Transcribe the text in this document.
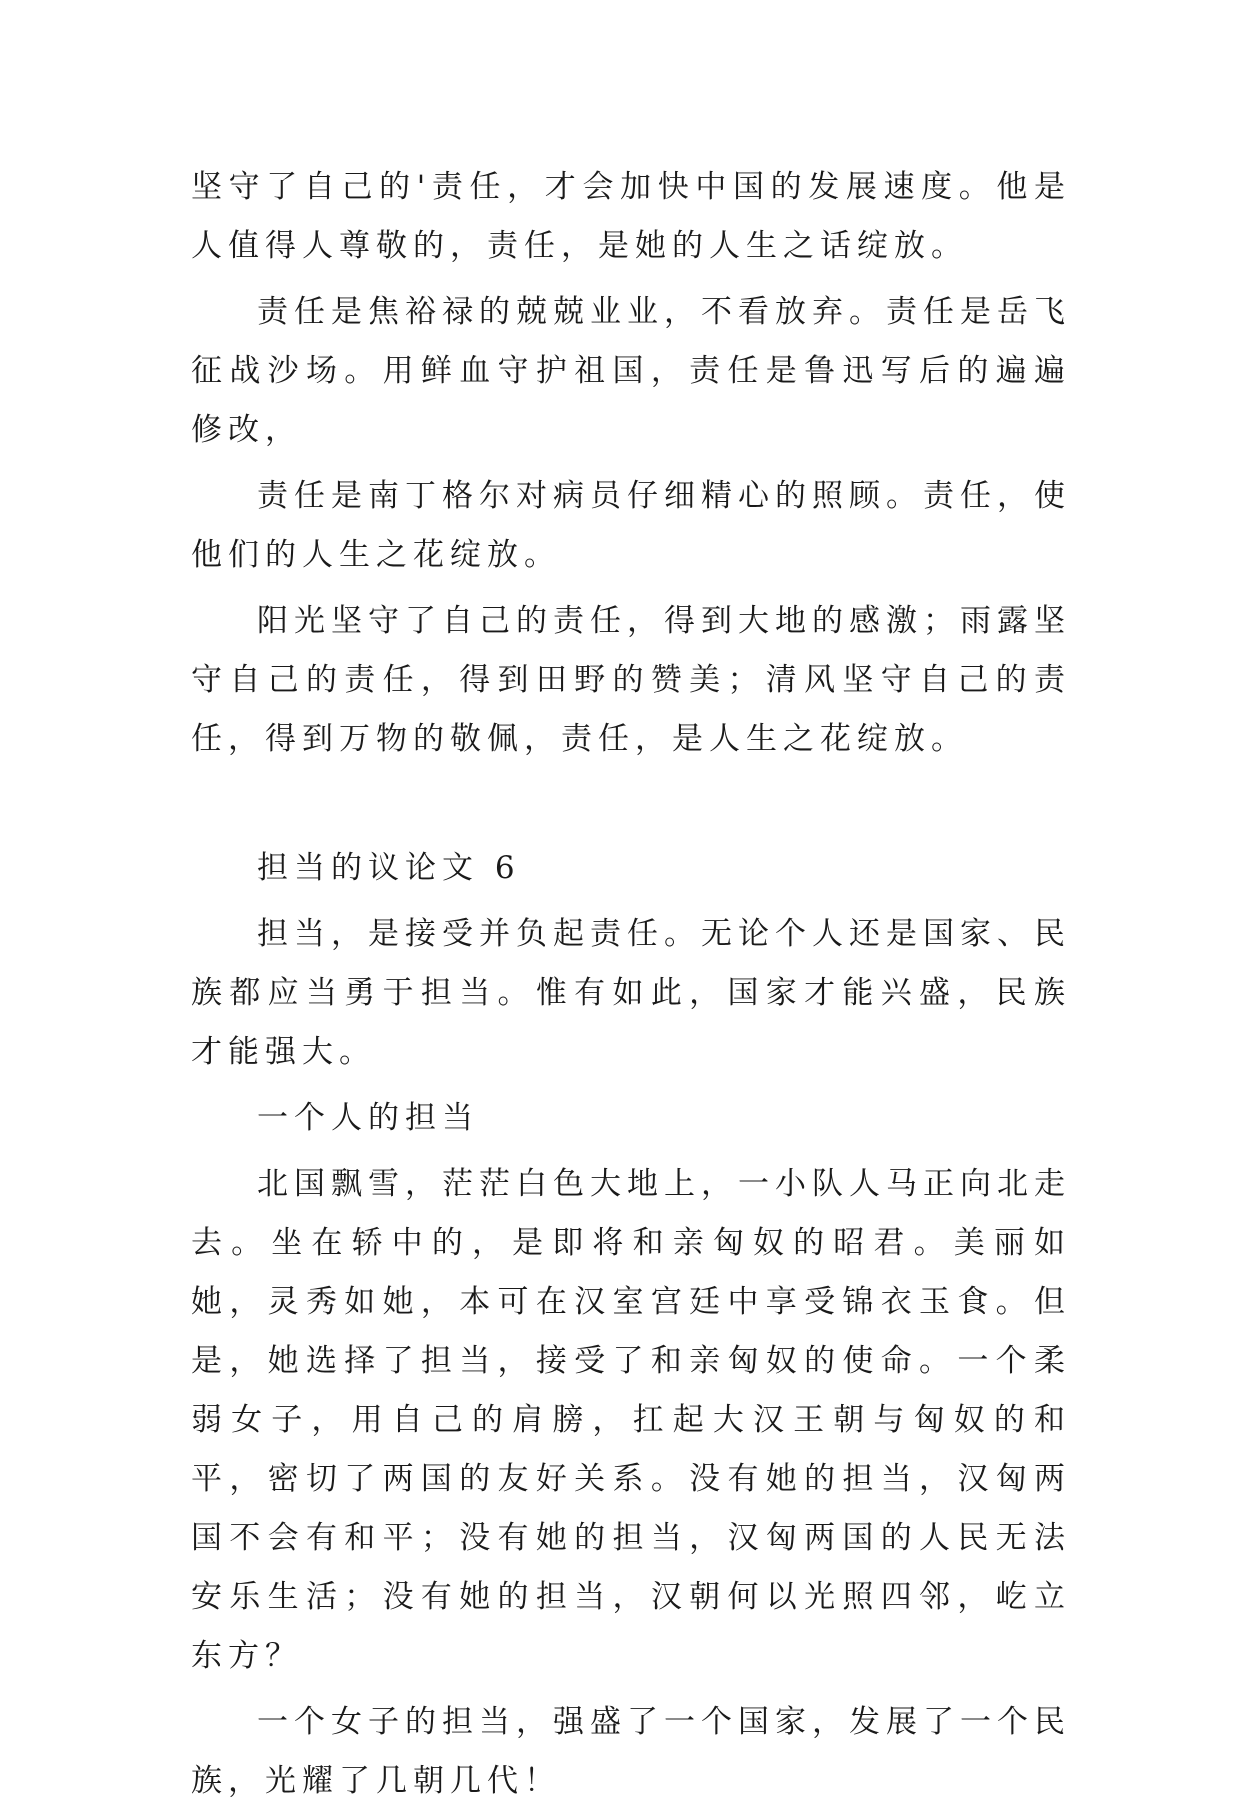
坚守了自己的'责任，才会加快中国的发展速度。他是人值得人尊敬的，责任，是她的人生之话绽放。

责任是焦裕禄的兢兢业业，不看放弃。责任是岳飞征战沙场。用鲜血守护祖国，责任是鲁迅写后的遍遍修改，

责任是南丁格尔对病员仔细精心的照顾。责任，使他们的人生之花绽放。

阳光坚守了自己的责任，得到大地的感激；雨露坚守自己的责任，得到田野的赞美；清风坚守自己的责任，得到万物的敬佩，责任，是人生之花绽放。

担当的议论文 6

担当，是接受并负起责任。无论个人还是国家、民族都应当勇于担当。惟有如此，国家才能兴盛，民族才能强大。

一个人的担当

北国飘雪，茫茫白色大地上，一小队人马正向北走去。坐在轿中的，是即将和亲匈奴的昭君。美丽如她，灵秀如她，本可在汉室宫廷中享受锦衣玉食。但是，她选择了担当，接受了和亲匈奴的使命。一个柔弱女子，用自己的肩膀，扛起大汉王朝与匈奴的和平，密切了两国的友好关系。没有她的担当，汉匈两国不会有和平；没有她的担当，汉匈两国的人民无法安乐生活；没有她的担当，汉朝何以光照四邻，屹立东方？

一个女子的担当，强盛了一个国家，发展了一个民族，光耀了几朝几代！
